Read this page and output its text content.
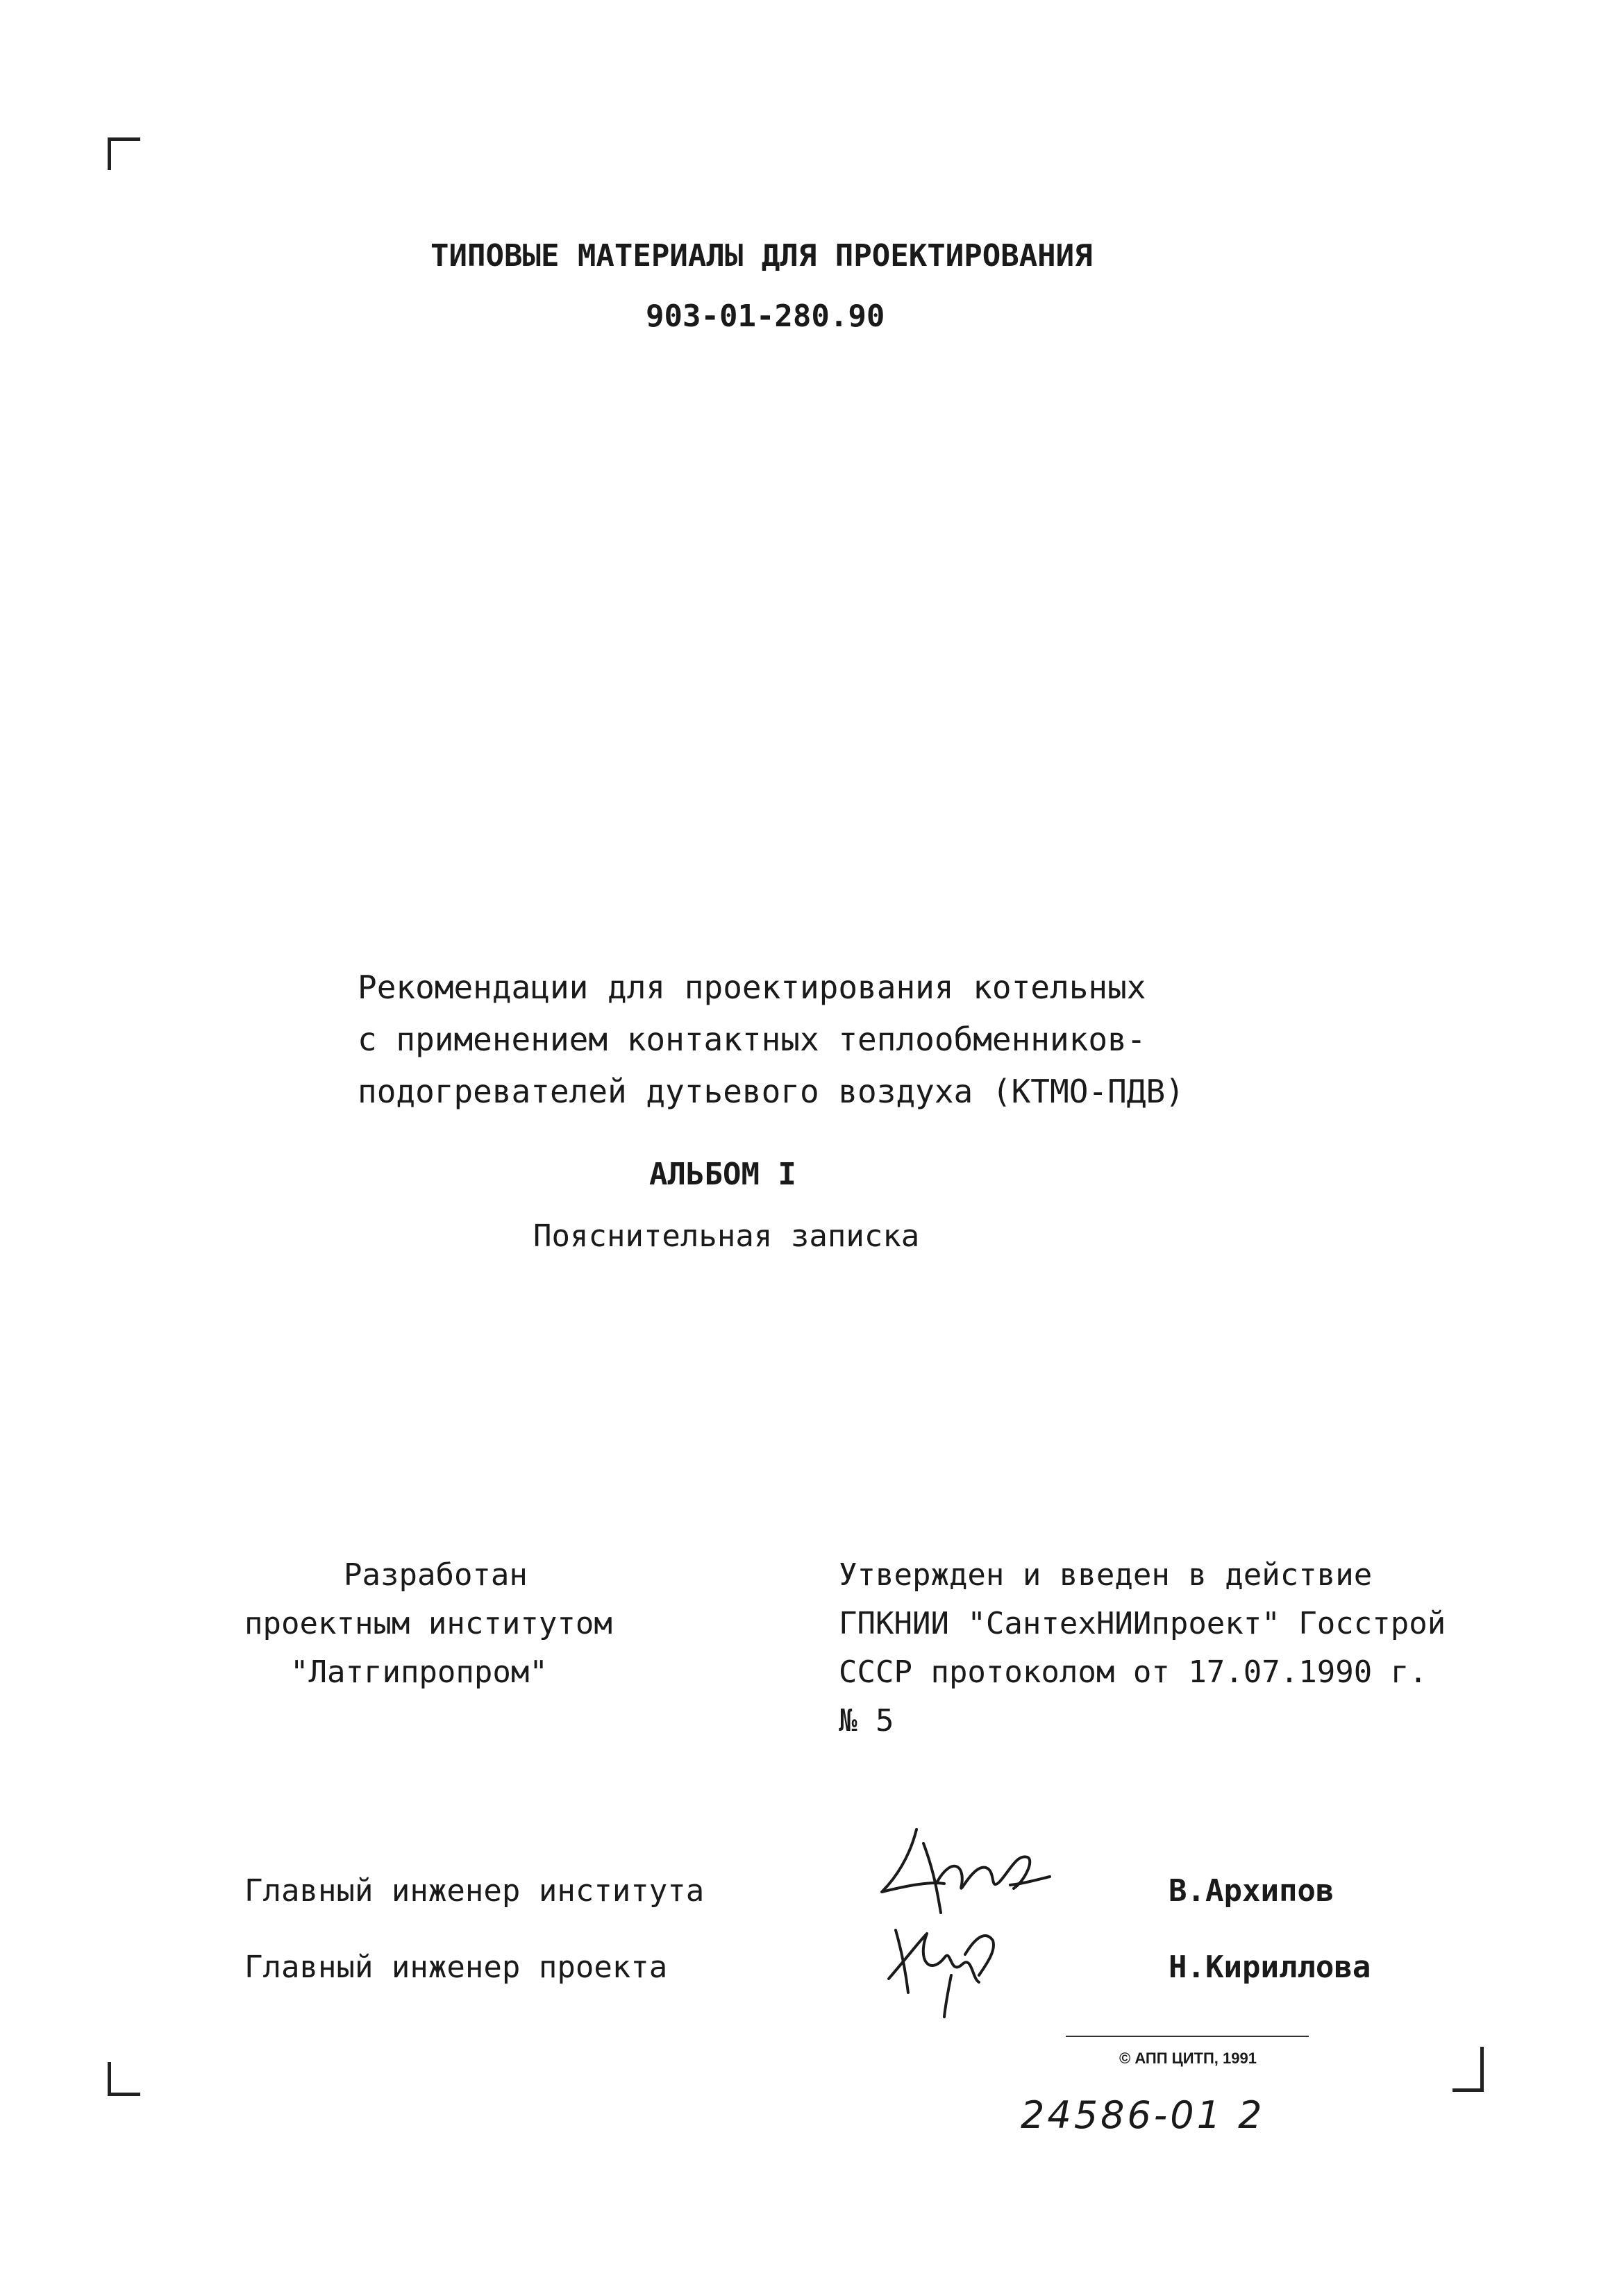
ТИПОВЫЕ МАТЕРИАЛЫ ДЛЯ ПРОЕКТИРОВАНИЯ
903-01-280.90
Рекомендации для проектирования котельных
с применением контактных теплообменников-
подогревателей дутьевого воздуха (КТМО-ПДВ)
АЛЬБОМ I
Пояснительная записка
Разработан
проектным институтом
"Латгипропром"
Утвержден и введен в действие
ГПКНИИ "СантехНИИпроект" Госстрой
СССР протоколом от 17.07.1990 г.
№ 5
Главный инженер института
Главный инженер проекта
В.Архипов
Н.Кириллова
© АПП ЦИТП, 1991
24586-01 2
